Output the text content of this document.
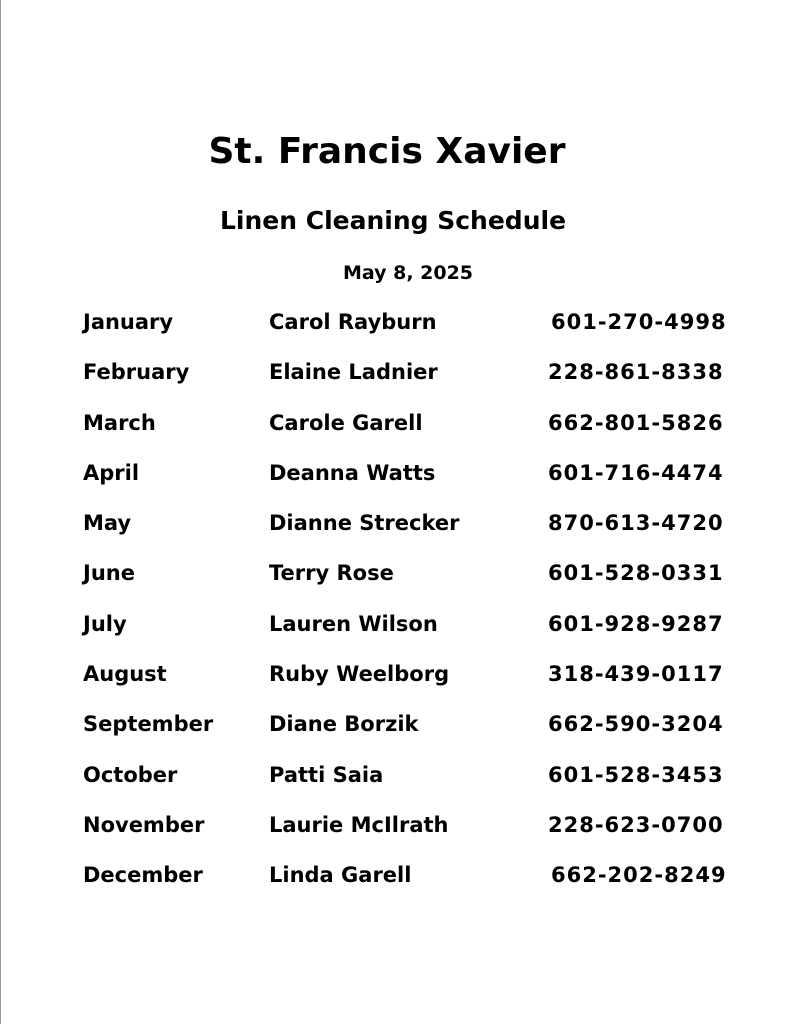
St. Francis Xavier
Linen Cleaning Schedule
May 8, 2025
January	Carol Rayburn	601-270-4998
February	Elaine Ladnier	228-861-8338
March	Carole Garell	662-801-5826
April	Deanna Watts	601-716-4474
May	Dianne Strecker	870-613-4720
June	Terry Rose	601-528-0331
July	Lauren Wilson	601-928-9287
August	Ruby Weelborg	318-439-0117
September	Diane Borzik	662-590-3204
October	Patti Saia	601-528-3453
November	Laurie McIlrath	228-623-0700
December	Linda Garell	662-202-8249
